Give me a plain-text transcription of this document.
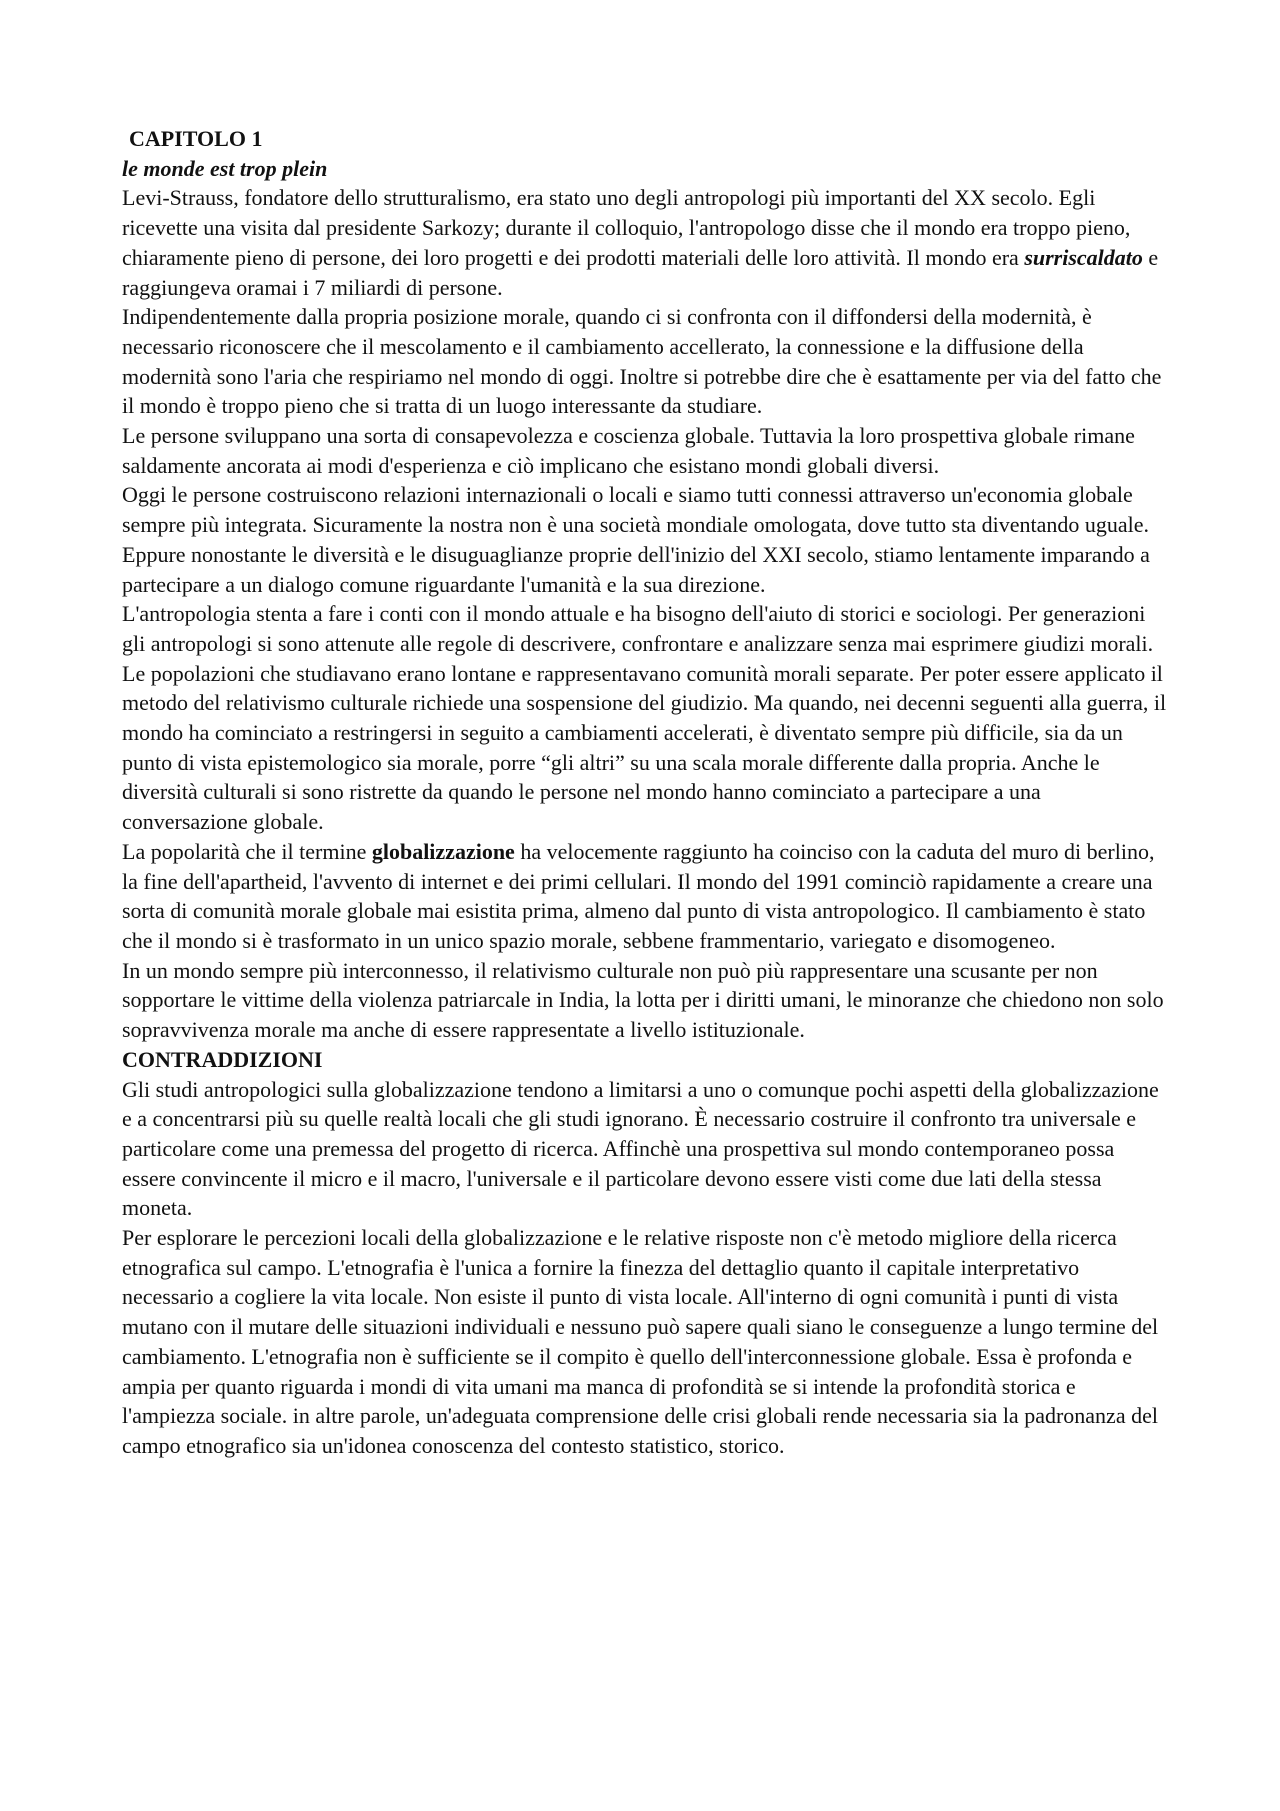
CAPITOLO 1

le monde est trop plein

Levi-Strauss, fondatore dello strutturalismo, era stato uno degli antropologi più importanti del XX secolo. Egli ricevette una visita dal presidente Sarkozy; durante il colloquio, l'antropologo disse che il mondo era troppo pieno, chiaramente pieno di persone, dei loro progetti e dei prodotti materiali delle loro attività. Il mondo era surriscaldato e raggiungeva oramai i 7 miliardi di persone.

Indipendentemente dalla propria posizione morale, quando ci si confronta con il diffondersi della modernità, è necessario riconoscere che il mescolamento e il cambiamento accellerato, la connessione e la diffusione della modernità sono l'aria che respiriamo nel mondo di oggi. Inoltre si potrebbe dire che è esattamente per via del fatto che il mondo è troppo pieno che si tratta di un luogo interessante da studiare.

Le persone sviluppano una sorta di consapevolezza e coscienza globale. Tuttavia la loro prospettiva globale rimane saldamente ancorata ai modi d'esperienza e ciò implicano che esistano mondi globali diversi.

Oggi le persone costruiscono relazioni internazionali o locali e siamo tutti connessi attraverso un'economia globale sempre più integrata. Sicuramente la nostra non è una società mondiale omologata, dove tutto sta diventando uguale. Eppure nonostante le diversità e le disuguaglianze proprie dell'inizio del XXI secolo, stiamo lentamente imparando a partecipare a un dialogo comune riguardante l'umanità e la sua direzione.

L'antropologia stenta a fare i conti con il mondo attuale e ha bisogno dell'aiuto di storici e sociologi. Per generazioni gli antropologi si sono attenute alle regole di descrivere, confrontare e analizzare senza mai esprimere giudizi morali. Le popolazioni che studiavano erano lontane e rappresentavano comunità morali separate. Per poter essere applicato il metodo del relativismo culturale richiede una sospensione del giudizio. Ma quando, nei decenni seguenti alla guerra, il mondo ha cominciato a restringersi in seguito a cambiamenti accelerati, è diventato sempre più difficile, sia da un punto di vista epistemologico sia morale, porre “gli altri” su una scala morale differente dalla propria. Anche le diversità culturali si sono ristrette da quando le persone nel mondo hanno cominciato a partecipare a una conversazione globale.

La popolarità che il termine globalizzazione ha velocemente raggiunto ha coinciso con la caduta del muro di berlino, la fine dell'apartheid, l'avvento di internet e dei primi cellulari. Il mondo del 1991 cominciò rapidamente a creare una sorta di comunità morale globale mai esistita prima, almeno dal punto di vista antropologico. Il cambiamento è stato che il mondo si è trasformato in un unico spazio morale, sebbene frammentario, variegato e disomogeneo.

In un mondo sempre più interconnesso, il relativismo culturale non può più rappresentare una scusante per non sopportare le vittime della violenza patriarcale in India, la lotta per i diritti umani, le minoranze che chiedono non solo sopravvivenza morale ma anche di essere rappresentate a livello istituzionale.

CONTRADDIZIONI

Gli studi antropologici sulla globalizzazione tendono a limitarsi a uno o comunque pochi aspetti della globalizzazione e a concentrarsi più su quelle realtà locali che gli studi ignorano. È necessario costruire il confronto tra universale e particolare come una premessa del progetto di ricerca. Affinchè una prospettiva sul mondo contemporaneo possa essere convincente il micro e il macro, l'universale e il particolare devono essere visti come due lati della stessa moneta.

Per esplorare le percezioni locali della globalizzazione e le relative risposte non c'è metodo migliore della ricerca etnografica sul campo. L'etnografia è l'unica a fornire la finezza del dettaglio quanto il capitale interpretativo necessario a cogliere la vita locale. Non esiste il punto di vista locale. All'interno di ogni comunità i punti di vista mutano con il mutare delle situazioni individuali e nessuno può sapere quali siano le conseguenze a lungo termine del cambiamento. L'etnografia non è sufficiente se il compito è quello dell'interconnessione globale. Essa è profonda e ampia per quanto riguarda i mondi di vita umani ma manca di profondità se si intende la profondità storica e l'ampiezza sociale. in altre parole, un'adeguata comprensione delle crisi globali rende necessaria sia la padronanza del campo etnografico sia un'idonea conoscenza del contesto statistico, storico.
